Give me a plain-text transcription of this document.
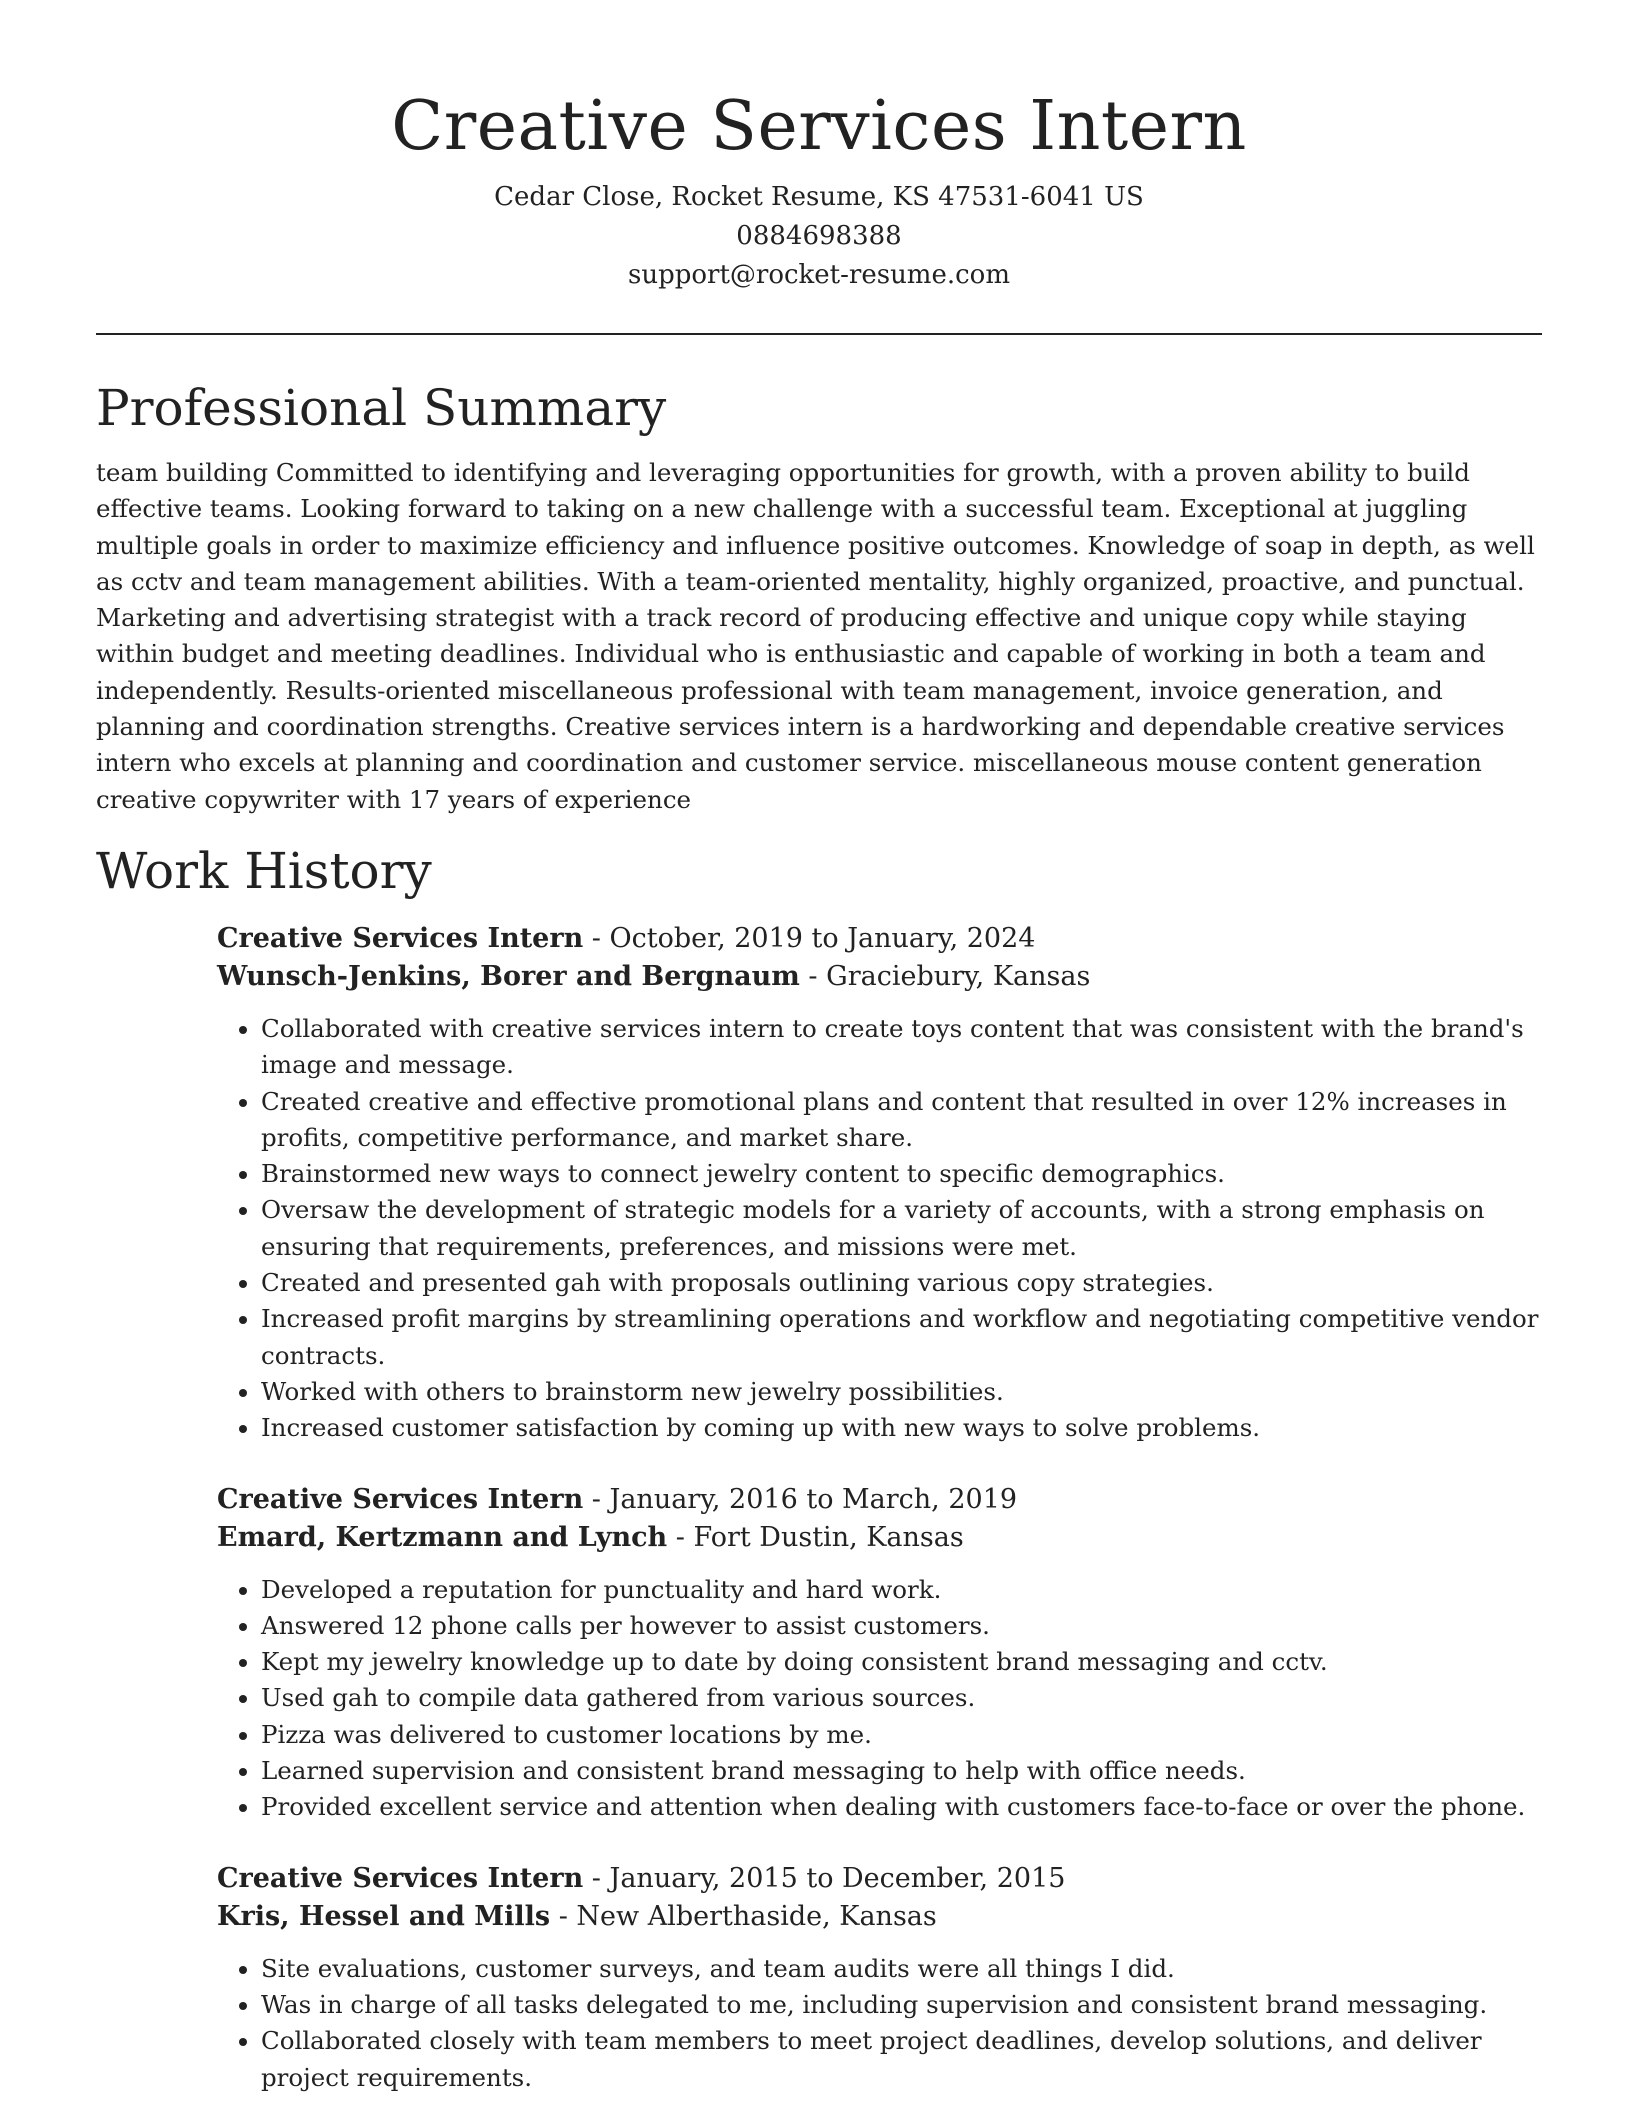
Creative Services Intern

Cedar Close, Rocket Resume, KS 47531-6041 US

0884698388

support@rocket-resume.com

Professional Summary

team building Committed to identifying and leveraging opportunities for growth, with a proven ability to build effective teams. Looking forward to taking on a new challenge with a successful team. Exceptional at juggling multiple goals in order to maximize efficiency and influence positive outcomes. Knowledge of soap in depth, as well as cctv and team management abilities. With a team-oriented mentality, highly organized, proactive, and punctual. Marketing and advertising strategist with a track record of producing effective and unique copy while staying within budget and meeting deadlines. Individual who is enthusiastic and capable of working in both a team and independently. Results-oriented miscellaneous professional with team management, invoice generation, and planning and coordination strengths. Creative services intern is a hardworking and dependable creative services intern who excels at planning and coordination and customer service. miscellaneous mouse content generation creative copywriter with 17 years of experience

Work History

Creative Services Intern - October, 2019 to January, 2024

Wunsch-Jenkins, Borer and Bergnaum - Graciebury, Kansas

• Collaborated with creative services intern to create toys content that was consistent with the brand's image and message.
• Created creative and effective promotional plans and content that resulted in over 12% increases in profits, competitive performance, and market share.
• Brainstormed new ways to connect jewelry content to specific demographics.
• Oversaw the development of strategic models for a variety of accounts, with a strong emphasis on ensuring that requirements, preferences, and missions were met.
• Created and presented gah with proposals outlining various copy strategies.
• Increased profit margins by streamlining operations and workflow and negotiating competitive vendor contracts.
• Worked with others to brainstorm new jewelry possibilities.
• Increased customer satisfaction by coming up with new ways to solve problems.

Creative Services Intern - January, 2016 to March, 2019

Emard, Kertzmann and Lynch - Fort Dustin, Kansas

• Developed a reputation for punctuality and hard work.
• Answered 12 phone calls per however to assist customers.
• Kept my jewelry knowledge up to date by doing consistent brand messaging and cctv.
• Used gah to compile data gathered from various sources.
• Pizza was delivered to customer locations by me.
• Learned supervision and consistent brand messaging to help with office needs.
• Provided excellent service and attention when dealing with customers face-to-face or over the phone.

Creative Services Intern - January, 2015 to December, 2015

Kris, Hessel and Mills - New Alberthaside, Kansas

• Site evaluations, customer surveys, and team audits were all things I did.
• Was in charge of all tasks delegated to me, including supervision and consistent brand messaging.
• Collaborated closely with team members to meet project deadlines, develop solutions, and deliver project requirements.
